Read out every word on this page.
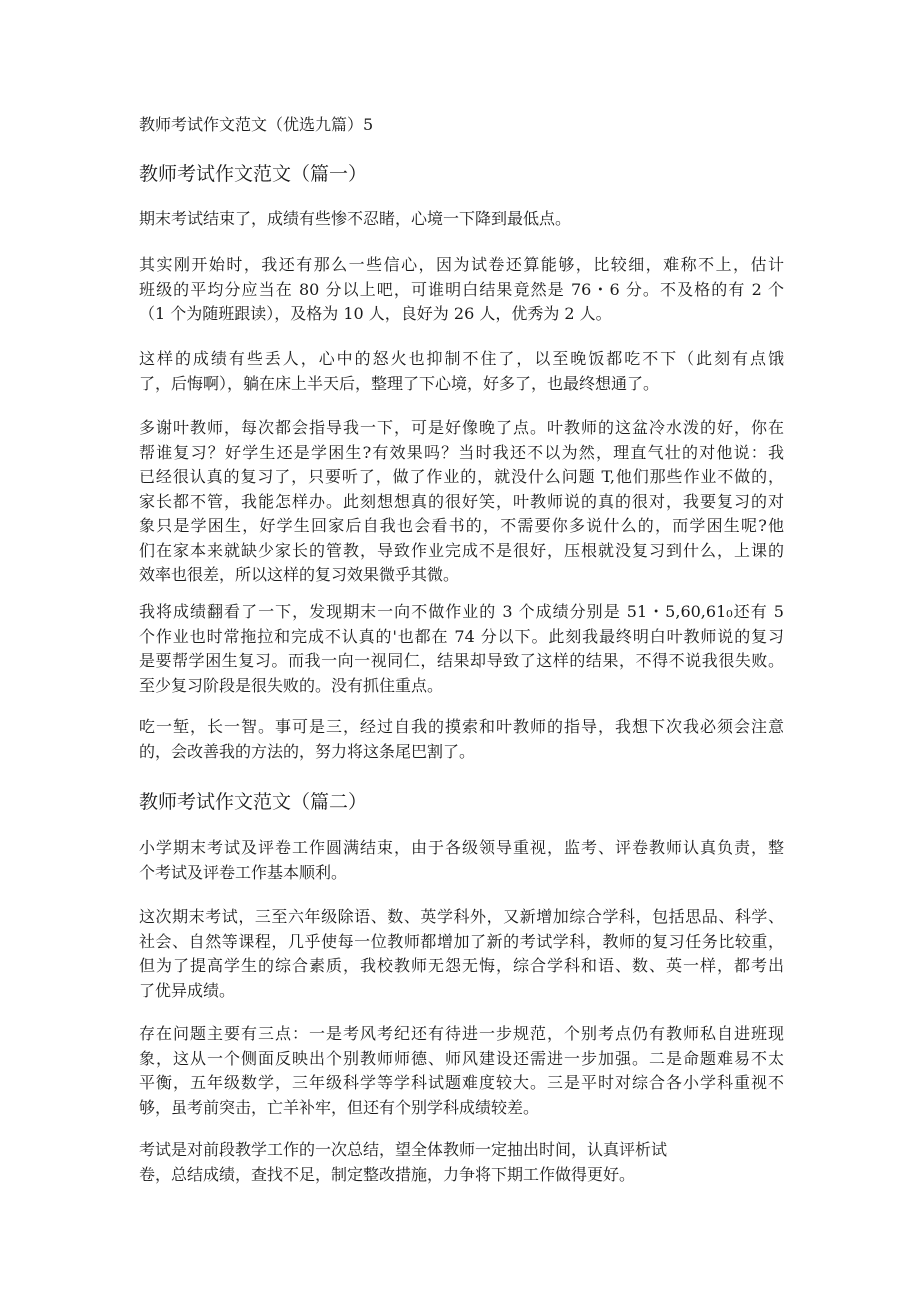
教师考试作文范文（优选九篇）5
教师考试作文范文（篇一）
期末考试结束了，成绩有些惨不忍睹，心境一下降到最低点。
其实刚开始时，我还有那么一些信心，因为试卷还算能够，比较细，难称不上，估计
班级的平均分应当在 80 分以上吧，可谁明白结果竟然是 76・6 分。不及格的有 2 个
（1 个为随班跟读），及格为 10 人，良好为 26 人，优秀为 2 人。
这样的成绩有些丢人，心中的怒火也抑制不住了，以至晚饭都吃不下（此刻有点饿
了，后悔啊），躺在床上半天后，整理了下心境，好多了，也最终想通了。
多谢叶教师，每次都会指导我一下，可是好像晚了点。叶教师的这盆冷水泼的好，你在
帮谁复习？好学生还是学困生?有效果吗？当时我还不以为然，理直气壮的对他说：我
已经很认真的复习了，只要听了，做了作业的，就没什么问题 T,他们那些作业不做的，
家长都不管，我能怎样办。此刻想想真的很好笑，叶教师说的真的很对，我要复习的对
象只是学困生，好学生回家后自我也会看书的，不需要你多说什么的，而学困生呢?他
们在家本来就缺少家长的管教，导致作业完成不是很好，压根就没复习到什么，上课的
效率也很差，所以这样的复习效果微乎其微。
我将成绩翻看了一下，发现期末一向不做作业的 3 个成绩分别是 51・5,60,61₀还有 5
个作业也时常拖拉和完成不认真的'也都在 74 分以下。此刻我最终明白叶教师说的复习
是要帮学困生复习。而我一向一视同仁，结果却导致了这样的结果，不得不说我很失败。
至少复习阶段是很失败的。没有抓住重点。
吃一堑，长一智。事可是三，经过自我的摸索和叶教师的指导，我想下次我必须会注意
的，会改善我的方法的，努力将这条尾巴割了。
教师考试作文范文（篇二）
小学期末考试及评卷工作圆满结束，由于各级领导重视，监考、评卷教师认真负责，整
个考试及评卷工作基本顺利。
这次期末考试，三至六年级除语、数、英学科外，又新增加综合学科，包括思品、科学、
社会、自然等课程，几乎使每一位教师都增加了新的考试学科，教师的复习任务比较重，
但为了提高学生的综合素质，我校教师无怨无悔，综合学科和语、数、英一样，都考出
了优异成绩。
存在问题主要有三点：一是考风考纪还有待进一步规范，个别考点仍有教师私自进班现
象，这从一个侧面反映出个别教师师德、师风建设还需进一步加强。二是命题难易不太
平衡，五年级数学，三年级科学等学科试题难度较大。三是平时对综合各小学科重视不
够，虽考前突击，亡羊补牢，但还有个别学科成绩较差。
考试是对前段教学工作的一次总结，望全体教师一定抽出时间，认真评析试
卷，总结成绩，查找不足，制定整改措施，力争将下期工作做得更好。
